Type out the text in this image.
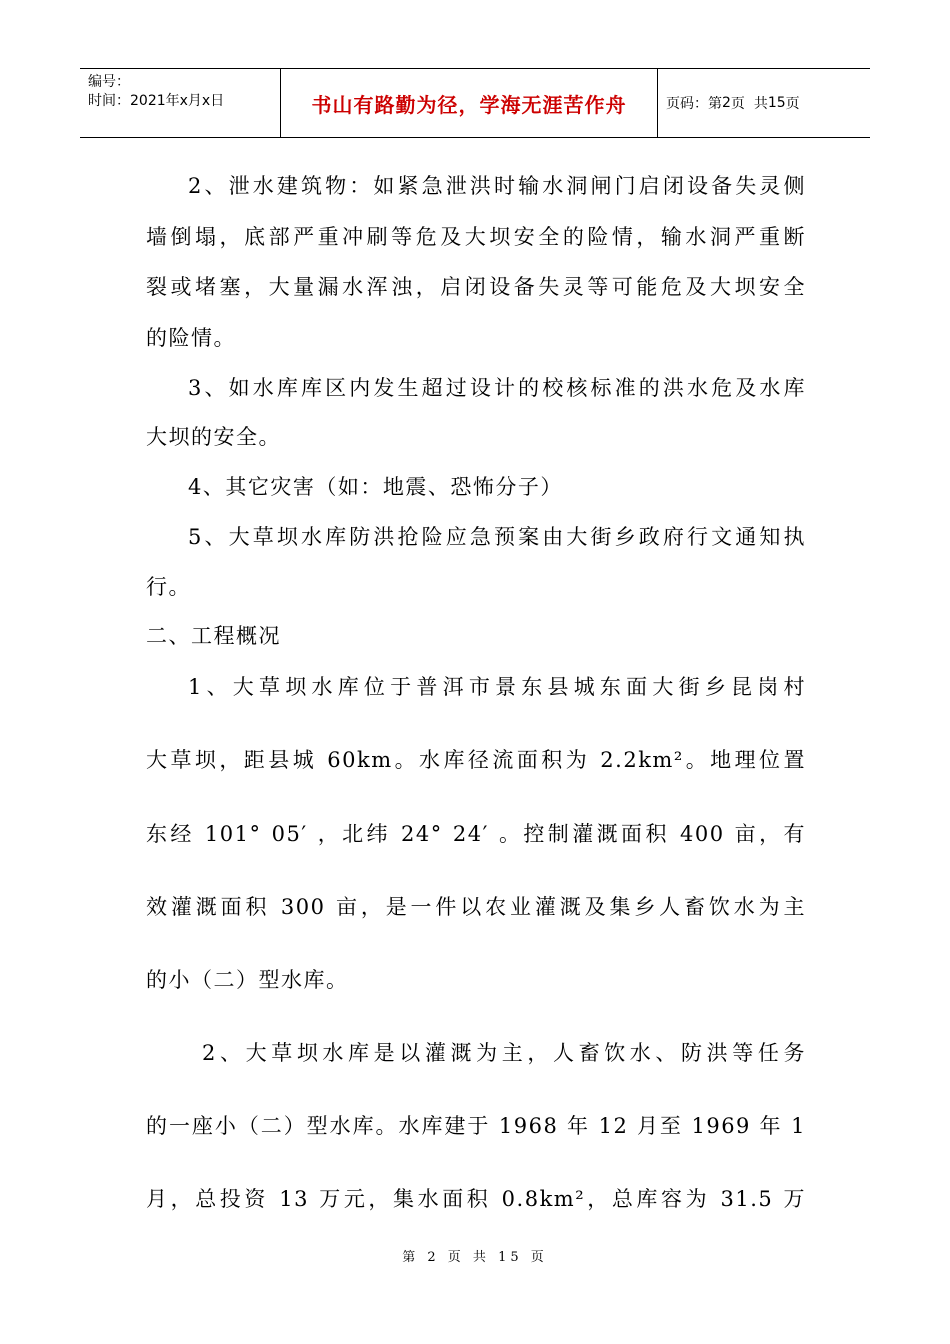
编号：
时间：2021年x月x日	书山有路勤为径，学海无涯苦作舟	页码：第 2 页  共 15 页
2、泄水建筑物：如紧急泄洪时输水洞闸门启闭设备失灵侧
墙倒塌，底部严重冲刷等危及大坝安全的险情，输水洞严重断
裂或堵塞，大量漏水浑浊，启闭设备失灵等可能危及大坝安全
的险情。
3、如水库库区内发生超过设计的校核标准的洪水危及水库
大坝的安全。
4、其它灾害（如：地震、恐怖分子）
5、大草坝水库防洪抢险应急预案由大街乡政府行文通知执
行。
二、工程概况
1、大草坝水库位于普洱市景东县城东面大街乡昆岗村
大草坝，距县城 60km。水库径流面积为 2.2km²。地理位置
东经 101° 05′ ，北纬 24° 24′ 。控制灌溉面积 400 亩，有
效灌溉面积 300 亩，是一件以农业灌溉及集乡人畜饮水为主
的小（二）型水库。
2、大草坝水库是以灌溉为主，人畜饮水、防洪等任务
的一座小（二）型水库。水库建于 1968 年 12 月至 1969 年 1
月，总投资 13 万元，集水面积 0.8km²，总库容为 31.5 万
第 2 页 共 15 页
